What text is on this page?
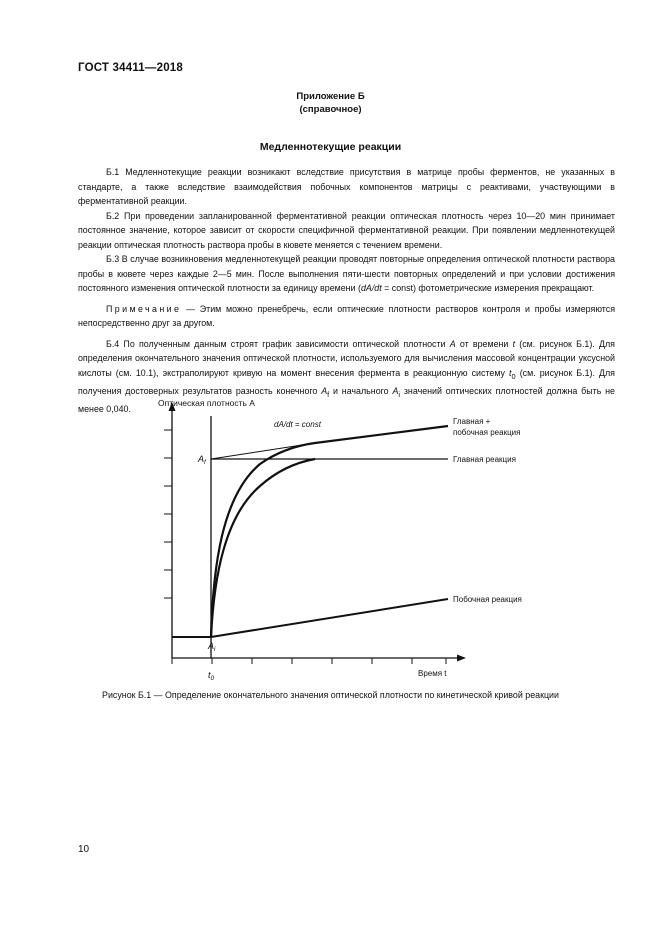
ГОСТ 34411—2018
Приложение Б
(справочное)
Медленнотекущие реакции

Б.1 Медленнотекущие реакции возникают вследствие присутствия в матрице пробы ферментов, не указанных в стандарте, а также вследствие взаимодействия побочных компонентов матрицы с реактивами, участвующими в ферментативной реакции.

Б.2 При проведении запланированной ферментативной реакции оптическая плотность через 10—20 мин принимает постоянное значение, которое зависит от скорости специфичной ферментативной реакции. При появлении медленнотекущей реакции оптическая плотность раствора пробы в кювете меняется с течением времени.

Б.3 В случае возникновения медленнотекущей реакции проводят повторные определения оптической плотности раствора пробы в кювете через каждые 2—5 мин. После выполнения пяти-шести повторных определений и при условии достижения постоянного изменения оптической плотности за единицу времени (dA/dt = const) фотометрические измерения прекращают.

Примечание — Этим можно пренебречь, если оптические плотности растворов контроля и пробы измеряются непосредственно друг за другом.

Б.4 По полученным данным строят график зависимости оптической плотности A от времени t (см. рисунок Б.1). Для определения окончательного значения оптической плотности, используемого для вычисления массовой концентрации уксусной кислоты (см. 10.1), экстраполируют кривую на момент внесения фермента в реакционную систему $t_0$ (см. рисунок Б.1). Для получения достоверных результатов разность конечного $A_f$ и начального $A_i$ значений оптических плотностей должна быть не менее 0,040.

Оптическая плотность A
dA/dt = const
$A_f$
$A_i$
$t_0$
Время t
Главная +
побочная реакция
Главная реакция
Побочная реакция
Рисунок Б.1 — Определение окончательного значения оптической плотности по кинетической кривой реакции
10
